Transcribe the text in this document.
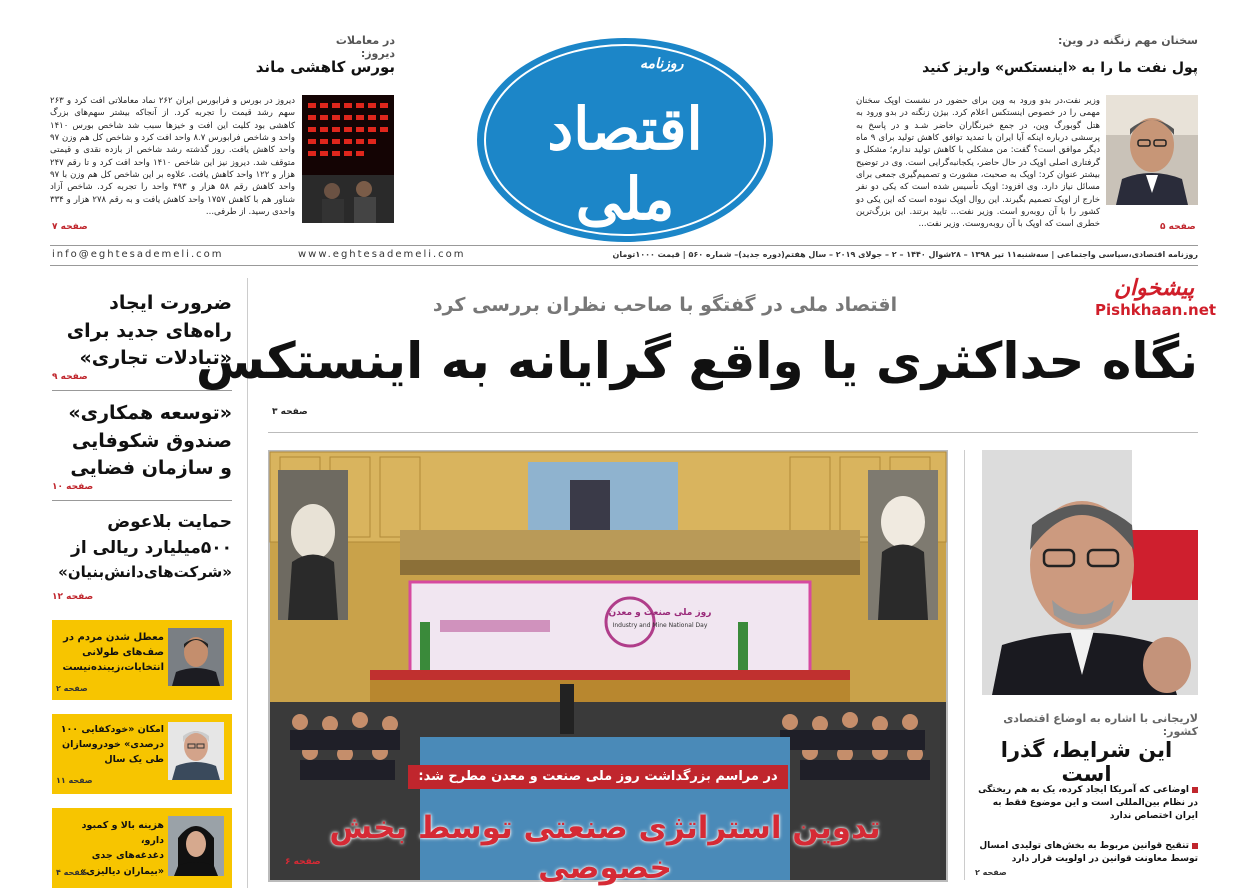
در معاملات دیروز:
بورس کاهشی ماند
دیروز در بورس و فرابورس ایران ۲۶۲ نماد معاملاتی افت کرد و ۲۶۳ سهم رشد قیمت را تجربه کرد. از آنجاکه بیشتر سهم‌های بزرگ کاهشی بود کلیت این افت و خیزها سبب شد شاخص بورس ۱۴۱۰ واحد و شاخص فرابورس ۸.۷ واحد افت کرد و شاخص کل هم وزن ۹۷ واحد کاهش یافت. روز گذشته رشد شاخص از بازده نقدی و قیمتی متوقف شد. دیروز نیز این شاخص ۱۴۱۰ واحد افت کرد و تا رقم ۲۴۷ هزار و ۱۲۲ واحد کاهش یافت. علاوه بر این شاخص کل هم وزن با ۹۷ واحد کاهش رقم ۵۸ هزار و ۴۹۳ واحد را تجربه کرد. شاخص آزاد شناور هم با کاهش ۱۷۵۷ واحد کاهش یافت و به رقم ۲۷۸ هزار و ۳۳۴ واحدی رسید. از طرفی...
صفحه ۷
روزنامه
اقتصاد ملی
سخنان مهم زنگنه در وین:
پول نفت ما را به «اینستکس» واریز کنید
وزیر نفت،در بدو ورود به وین برای حضور در نشست اوپک سخنان مهمی را در خصوص اینستکس اعلام کرد. بیژن زنگنه در بدو ورود به هتل گوبورگ وین، در جمع خبرنگاران حاضر شـد و در پاسخ به پرسشی درباره اینکه آیا ایران با تمدید توافق کاهش تولید برای ۹ ماه دیگر موافق است؟ گفت: من مشکلی با کاهش تولید ندارم؛ مشکل و گرفتاری اصلی اوپک در حال حاضر، یکجانبه‌گرایی است. وی در توضیح بیشتر عنوان کرد: اوپک به صحبت، مشورت و تصمیم‌گیری جمعی برای مسائل نیاز دارد. وی افزود: اوپک تأسیس شده است که یکی دو نفر خارج از اوپک تصمیم بگیرند. این روال اوپک نبوده است که این یکی دو کشور را با آن روبه‌رو است. وزیر نفت... تایید برتند. این بزرگ‌ترین خطری است که اوپک با آن روبه‌روست. وزیر نفت...	صفحه ۵
info@eghtesademeli.com	www.eghtesademeli.com	روزنامه اقتصادی،سیاسی واجتماعی | سه‌شنبه۱۱ تیر ۱۳۹۸ – ۲۸شوال ۱۴۴۰ – ۲ – جولای ۲۰۱۹ – سال هفتم(دوره جدید)– شماره ۵۶۰ | قیمت ۱۰۰۰تومان
ضرورت ایجاد
راه‌های جدید برای
«تبادلات تجاری»
صفحه ۹
«توسعه همکاری»
صندوق شکوفایی
و سازمان فضایی
صفحه ۱۰
حمایت بلاعوض
۵۰۰میلیارد ریالی از
«شرکت‌های‌دانش‌بنیان»
صفحه ۱۲
معطل شدن مردم در
صف‌های طولانی
انتخابات،زیبنده‌نیست
صفحه ۲
امکان «خودکفایی ۱۰۰
درصدی» خودروسازان
طی یک سال
صفحه ۱۱
هزینه بالا و کمبود دارو،
دغدغه‌های جدی
«بیماران دیالیزی»
صفحه ۴
پیشخوان
Pishkhaan.net
اقتصاد ملی در گفتگو با صاحب نظران بررسی کرد
نگاه حداکثری یا واقع گرایانه به اینستکس
صفحه ۳
روز ملی صنعت و معدن
Industry and Mine National Day
در مراسم بزرگداشت روز ملی صنعت و معدن مطرح شد:
تدوین استراتژی صنعتی توسط بخش خصوصی
صفحه ۶
لاریجانی با اشاره به اوضاع اقتصادی کشور:
این شرایط، گذرا است
اوضاعی که آمریکا ایجاد کرده، یک به هم ریختگی در نظام بین‌المللی است و این موضوع فقط به ایران اختصاص ندارد
تنقیح قوانین مربوط به بخش‌های تولیدی امسال توسط معاونت قوانین در اولویت قرار دارد
صفحه ۲
